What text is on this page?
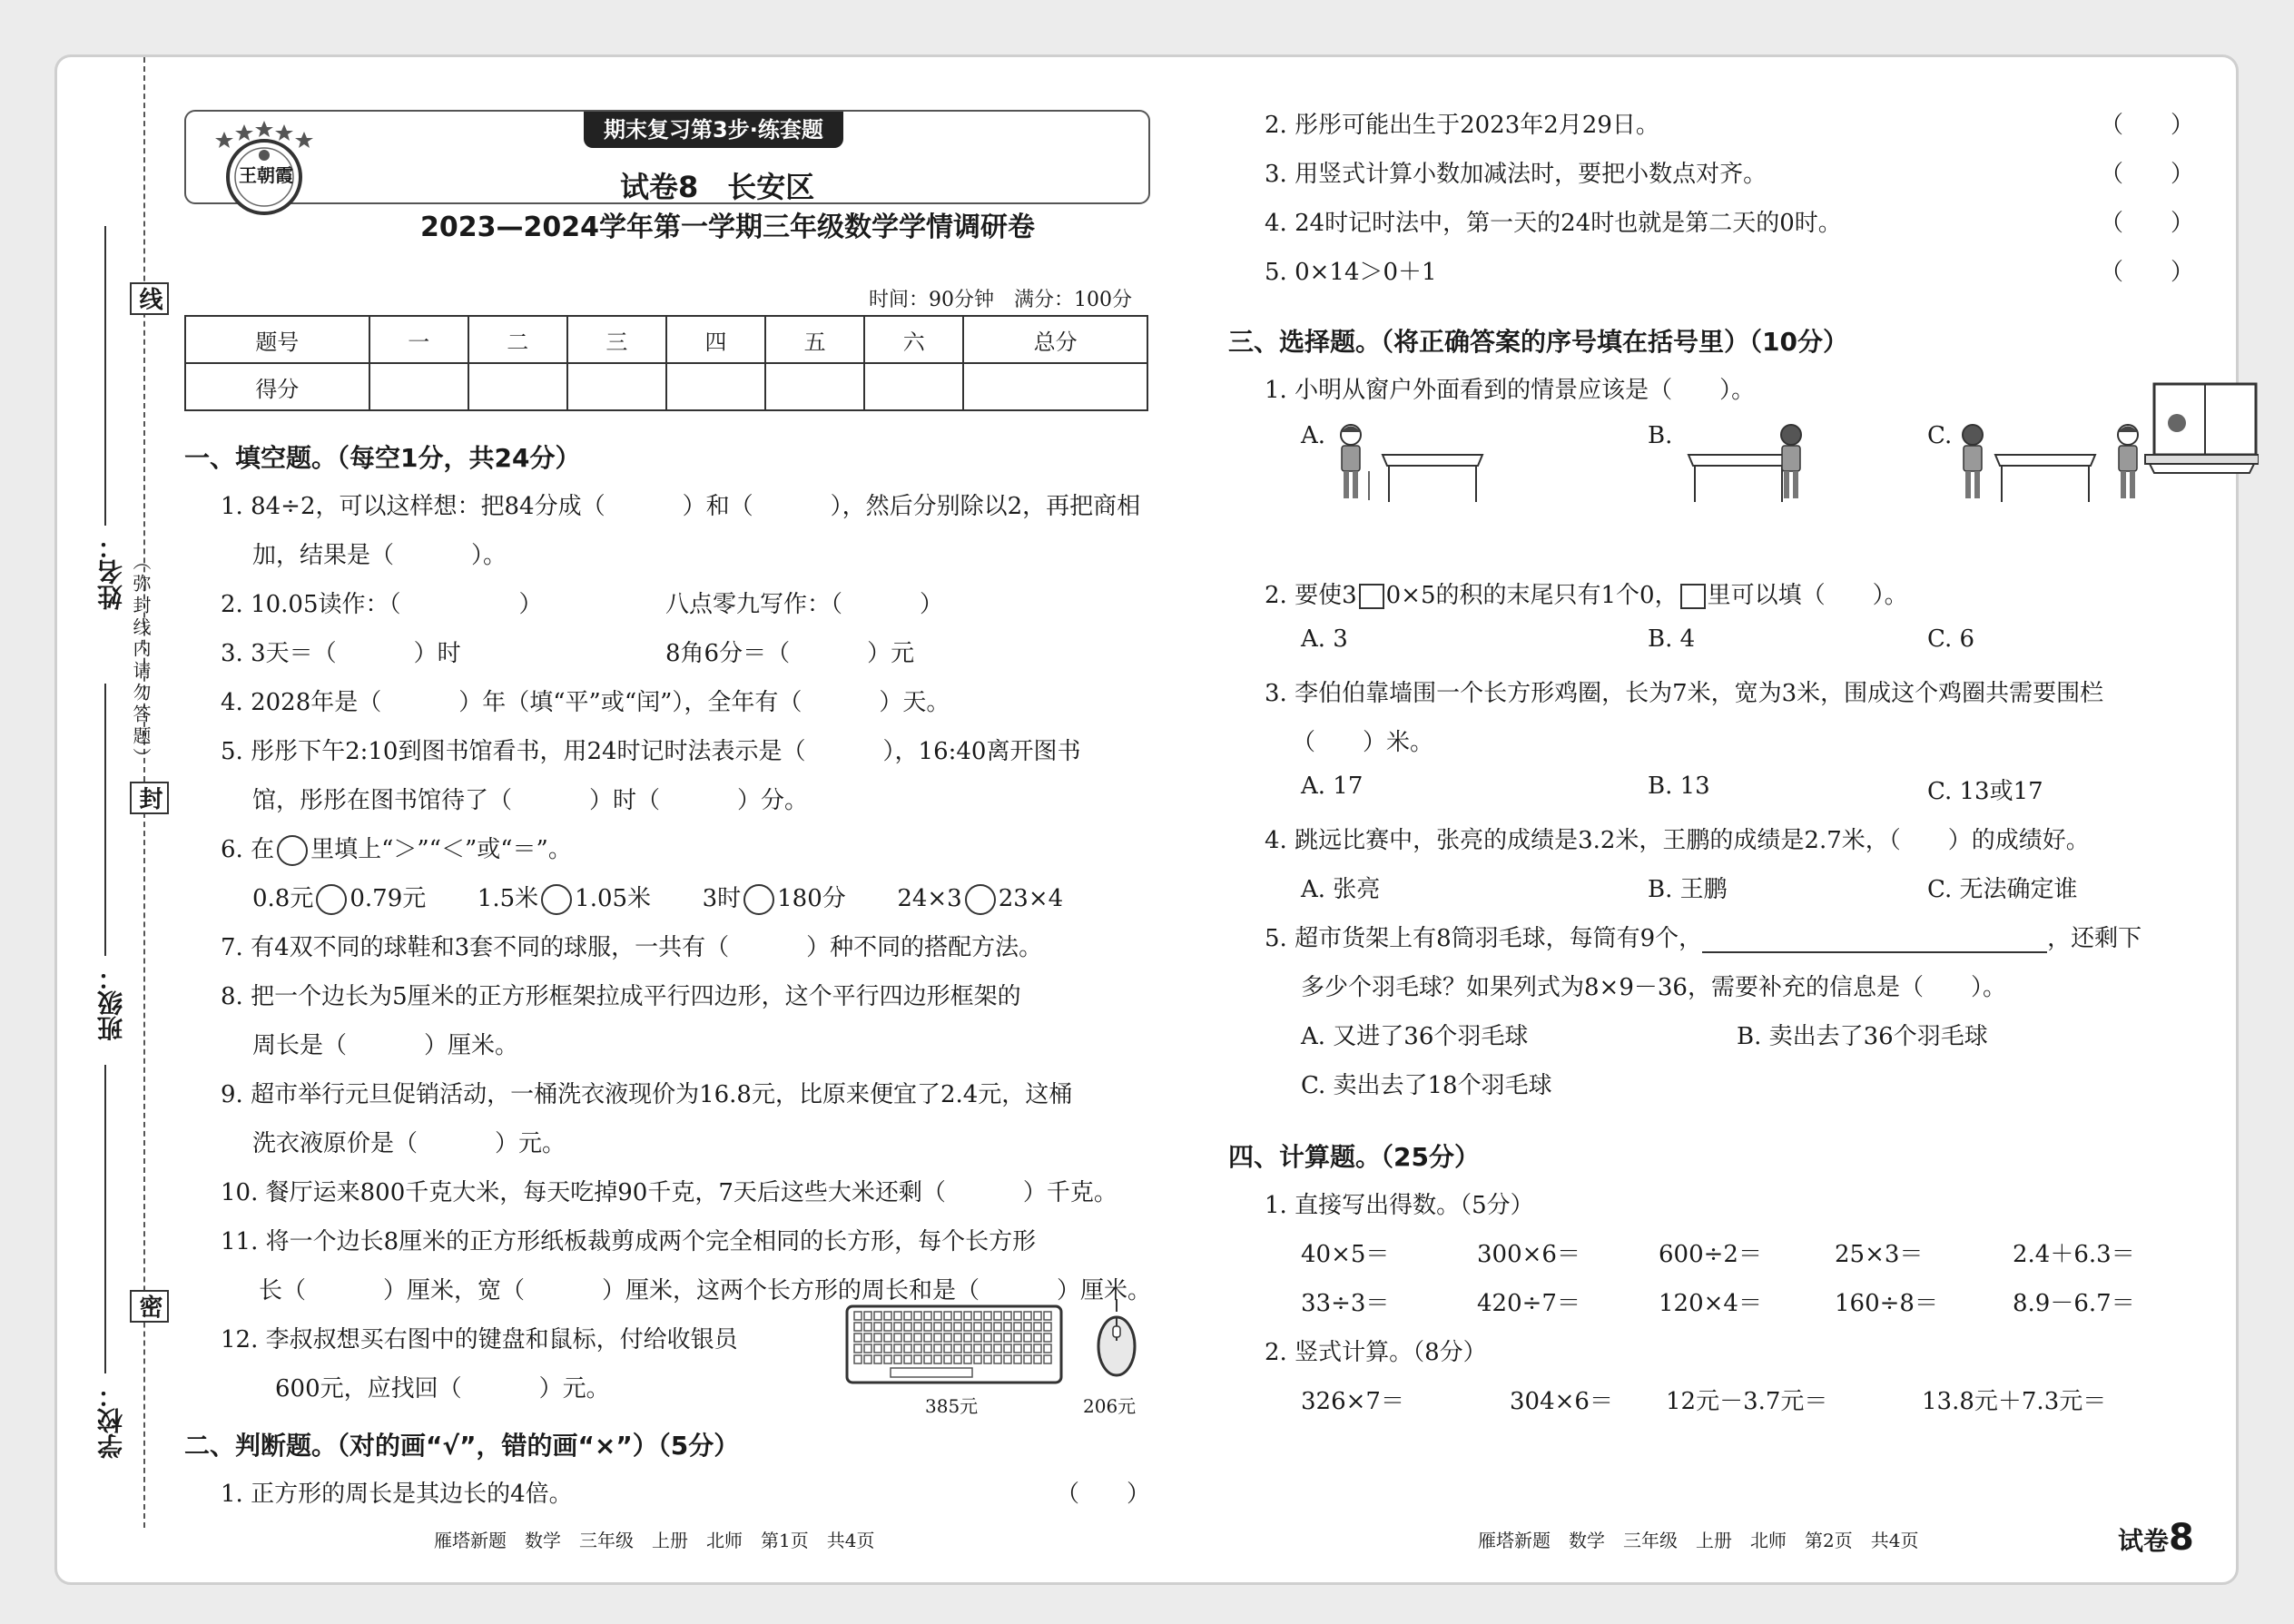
线
封
密
（弥封线内请勿答题）
姓名：
班级：
学校：
王朝霞
期末复习第3步·练套题
试卷8　长安区
2023—2024学年第一学期三年级数学学情调研卷
时间：90分钟　满分：100分
题号	一	二	三	四	五	六	总分
得分							
一、填空题。（每空1分，共24分）
1. 84÷2，可以这样想：把84分成（	）和（	），然后分别除以2，再把商相
加，结果是（	）。
2. 10.05读作：（	）	八点零九写作：（	）
3. 3天＝（	）时	8角6分＝（	）元
4. 2028年是（	）年（填“平”或“闰”），全年有（	）天。
5. 彤彤下午2:10到图书馆看书，用24时记时法表示是（	），16:40离开图书
馆，彤彤在图书馆待了（	）时（	）分。
6. 在 里填上“＞”“＜”或“＝”。
0.8元 0.79元 1.5米 1.05米 3时 180分 24×3 23×4
7. 有4双不同的球鞋和3套不同的球服，一共有（	）种不同的搭配方法。
8. 把一个边长为5厘米的正方形框架拉成平行四边形，这个平行四边形框架的
周长是（	）厘米。
9. 超市举行元旦促销活动，一桶洗衣液现价为16.8元，比原来便宜了2.4元，这桶
洗衣液原价是（	）元。
10. 餐厅运来800千克大米，每天吃掉90千克，7天后这些大米还剩（	）千克。
11. 将一个边长8厘米的正方形纸板裁剪成两个完全相同的长方形，每个长方形
长（	）厘米，宽（	）厘米，这两个长方形的周长和是（	）厘米。
12. 李叔叔想买右图中的键盘和鼠标，付给收银员
600元，应找回（	）元。
385元	206元
二、判断题。（对的画“√”，错的画“×”）（5分）
1. 正方形的周长是其边长的4倍。	（　　）
2. 彤彤可能出生于2023年2月29日。	（　　）
3. 用竖式计算小数加减法时，要把小数点对齐。	（　　）
4. 24时记时法中，第一天的24时也就是第二天的0时。	（　　）
5. 0×14＞0＋1	（　　）
三、选择题。（将正确答案的序号填在括号里）（10分）
1. 小明从窗户外面看到的情景应该是（　　）。
A.	B.	C.
2. 要使3 0×5的积的末尾只有1个0， 里可以填（　　）。
A. 3	B. 4	C. 6
3. 李伯伯靠墙围一个长方形鸡圈，长为7米，宽为3米，围成这个鸡圈共需要围栏
（　　）米。
A. 17	B. 13	C. 13或17
4. 跳远比赛中，张亮的成绩是3.2米，王鹏的成绩是2.7米，（　　）的成绩好。
A. 张亮	B. 王鹏	C. 无法确定谁
5. 超市货架上有8筒羽毛球，每筒有9个，	，还剩下
多少个羽毛球？如果列式为8×9－36，需要补充的信息是（　　）。
A. 又进了36个羽毛球	B. 卖出去了36个羽毛球
C. 卖出去了18个羽毛球
四、计算题。（25分）
1. 直接写出得数。（5分）
40×5＝	300×6＝	600÷2＝	25×3＝	2.4＋6.3＝
33÷3＝	420÷7＝	120×4＝	160÷8＝	8.9－6.7＝
2. 竖式计算。（8分）
326×7＝	304×6＝ 12元－3.7元＝	13.8元＋7.3元＝
雁塔新题　数学　三年级　上册　北师　第1页　共4页	雁塔新题　数学　三年级　上册　北师　第2页　共4页	试卷8
